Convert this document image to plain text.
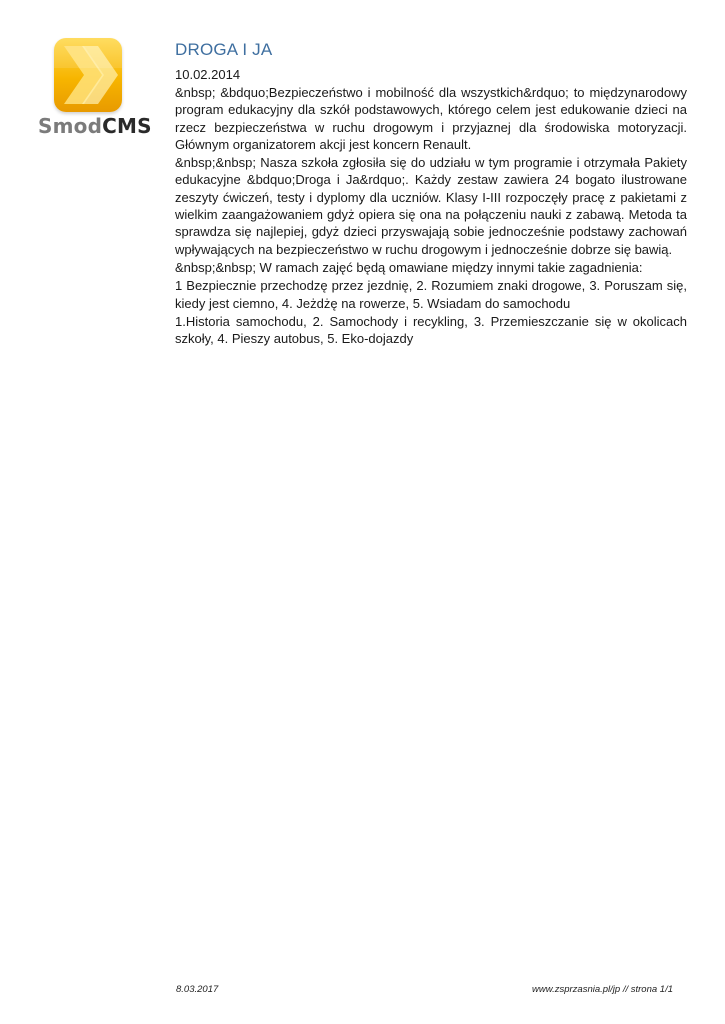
SmodCMS
DROGA I JA
10.02.2014

&nbsp; &bdquo;Bezpieczeństwo i mobilność dla wszystkich&rdquo; to międzynarodowy program edukacyjny dla szkół podstawowych, którego celem jest edukowanie dzieci na rzecz bezpieczeństwa w ruchu drogowym i przyjaznej dla środowiska motoryzacji. Głównym organizatorem akcji jest koncern Renault.

&nbsp;&nbsp; Nasza szkoła zgłosiła się do udziału w tym programie i otrzymała Pakiety edukacyjne &bdquo;Droga i Ja&rdquo;. Każdy zestaw zawiera 24 bogato ilustrowane zeszyty ćwiczeń, testy i dyplomy dla uczniów. Klasy I-III rozpoczęły pracę z pakietami z wielkim zaangażowaniem gdyż opiera się ona na połączeniu nauki z zabawą. Metoda ta sprawdza się najlepiej, gdyż dzieci przyswajają sobie jednocześnie podstawy zachowań wpływających na bezpieczeństwo w ruchu drogowym i jednocześnie dobrze się bawią.

&nbsp;&nbsp; W ramach zajęć będą omawiane między innymi takie zagadnienia:

1 Bezpiecznie przechodzę przez jezdnię, 2. Rozumiem znaki drogowe, 3. Poruszam się, kiedy jest ciemno, 4. Jeżdżę na rowerze, 5. Wsiadam do samochodu

1.Historia samochodu, 2. Samochody i recykling, 3. Przemieszczanie się w okolicach szkoły, 4. Pieszy autobus, 5. Eko-dojazdy

8.03.2017	www.zsprzasnia.pl/jp // strona 1/1
